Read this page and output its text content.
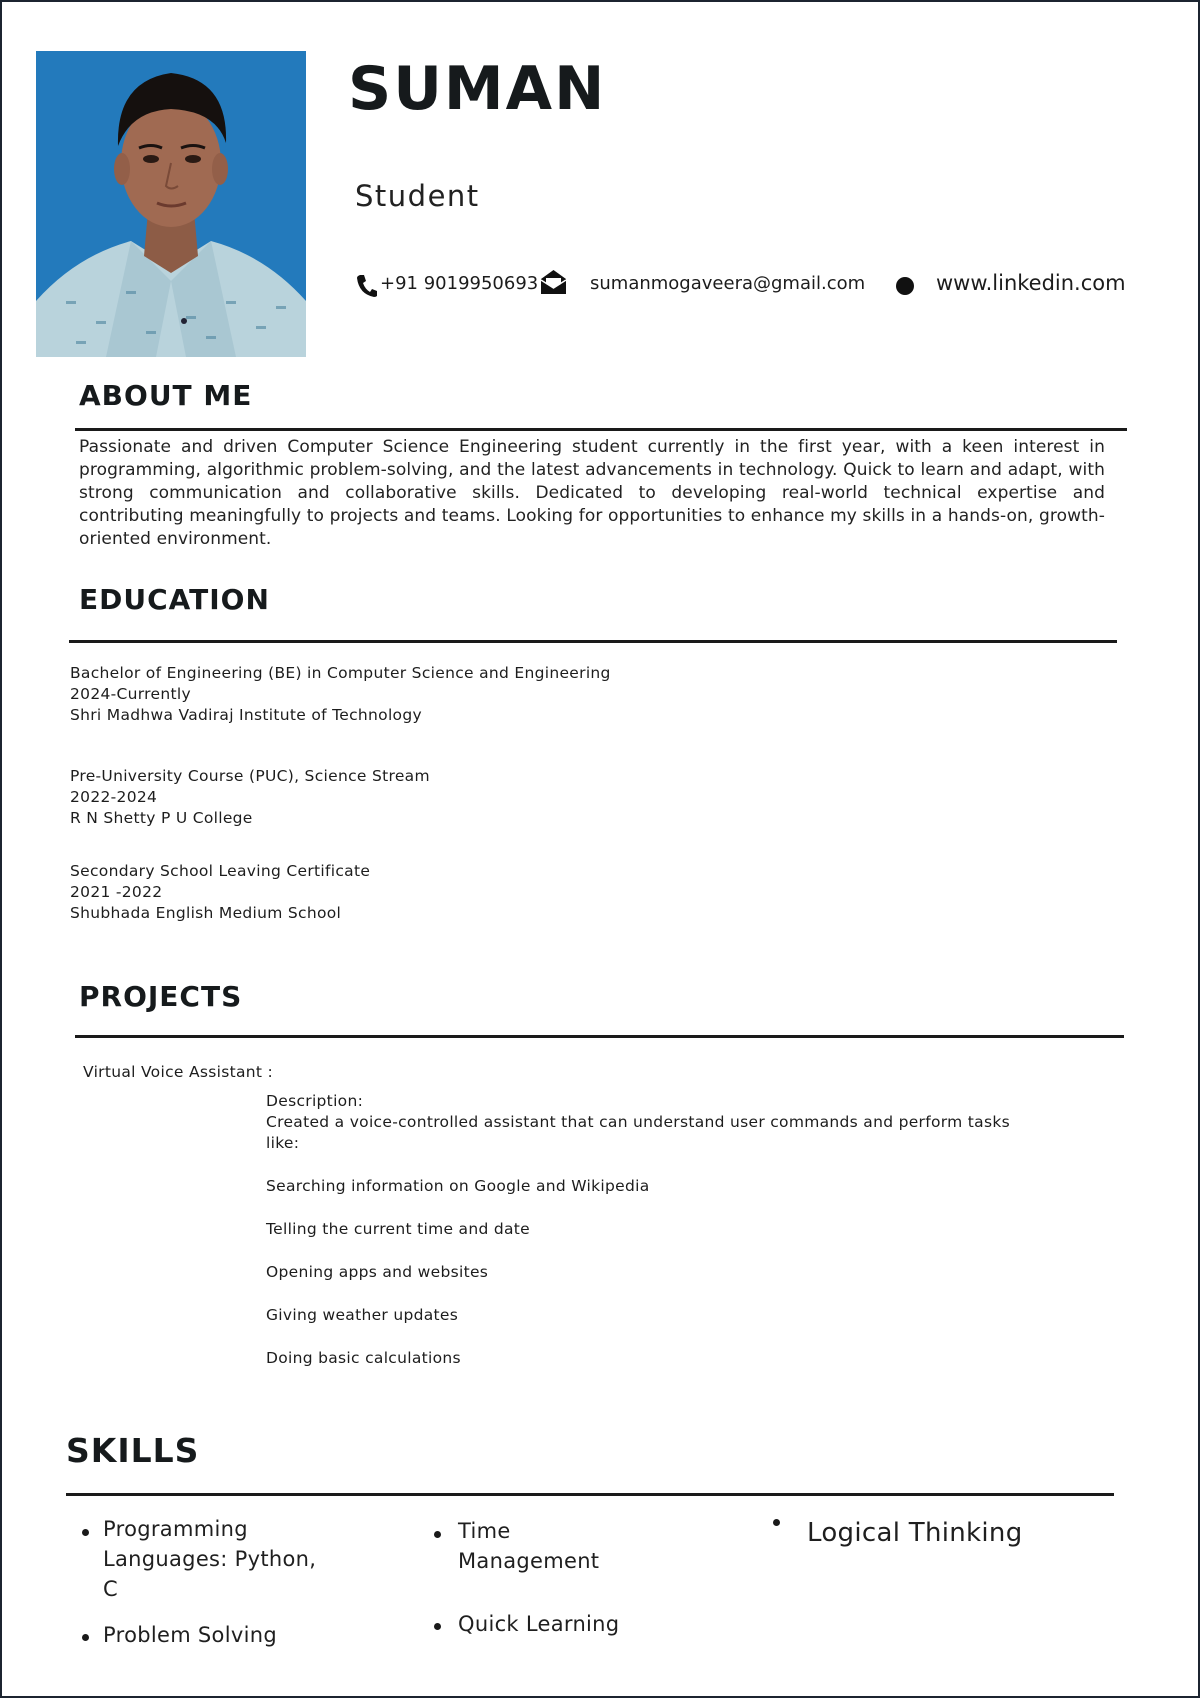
SUMAN
Student
+91 9019950693	sumanmogaveera@gmail.com	www.linkedin.com
ABOUT ME
Passionate and driven Computer Science Engineering student currently in the first year, with a keen interest in programming, algorithmic problem-solving, and the latest advancements in technology. Quick to learn and adapt, with strong communication and collaborative skills. Dedicated to developing real-world technical expertise and contributing meaningfully to projects and teams. Looking for opportunities to enhance my skills in a hands-on, growth-oriented environment.
EDUCATION
Bachelor of Engineering (BE) in Computer Science and Engineering
2024-Currently
Shri Madhwa Vadiraj Institute of Technology
Pre-University Course (PUC), Science Stream
2022-2024
R N Shetty P U College
Secondary School Leaving Certificate
2021 -2022
Shubhada English Medium School
PROJECTS
Virtual Voice Assistant :
Description:
Created a voice-controlled assistant that can understand user commands and perform tasks like:
Searching information on Google and Wikipedia
Telling the current time and date
Opening apps and websites
Giving weather updates
Doing basic calculations
SKILLS
Programming Languages: Python, C
Problem Solving
Time Management
Quick Learning
Logical Thinking
